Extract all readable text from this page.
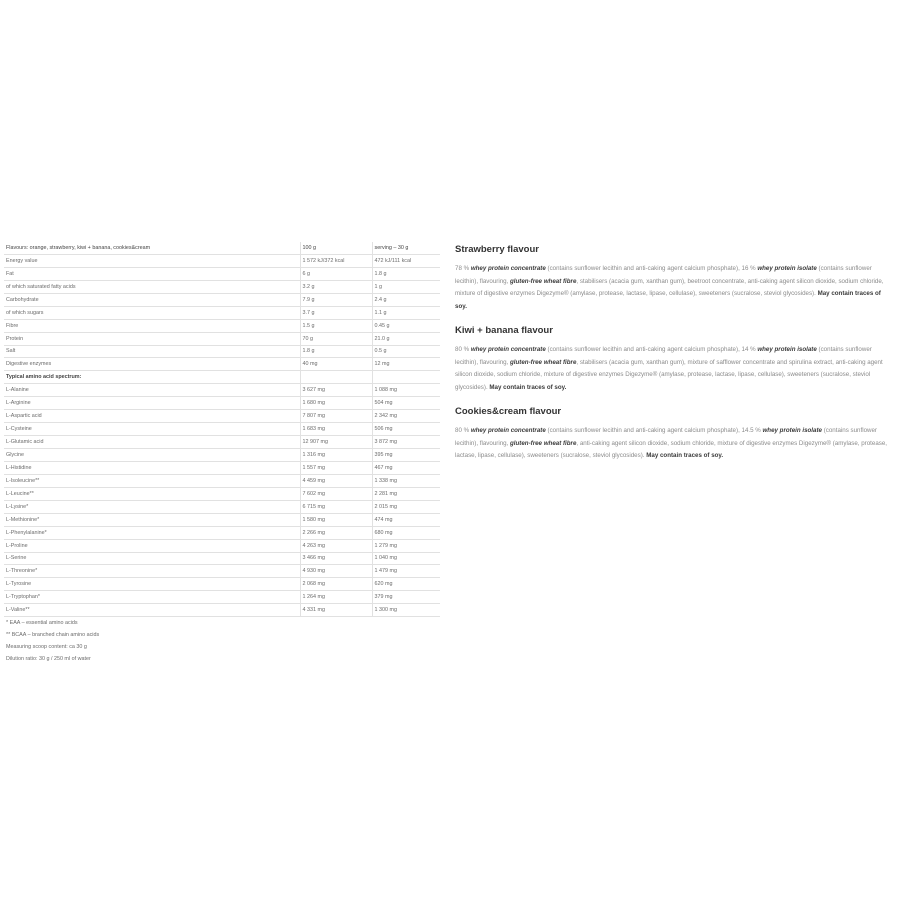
Flavours: orange, strawberry, kiwi + banana, cookies&cream	100 g	serving – 30 g
Energy value	1 572 kJ/372 kcal	472 kJ/111 kcal
Fat	6 g	1.8 g
of which saturated fatty acids	3.2 g	1 g
Carbohydrate	7.9 g	2.4 g
of which sugars	3.7 g	1.1 g
Fibre	1.5 g	0.45 g
Protein	70 g	21.0 g
Salt	1.8 g	0.5 g
Digestive enzymes	40 mg	12 mg
Typical amino acid spectrum:		
L-Alanine	3 627 mg	1 088 mg
L-Arginine	1 680 mg	504 mg
L-Aspartic acid	7 807 mg	2 342 mg
L-Cysteine	1 683 mg	506 mg
L-Glutamic acid	12 907 mg	3 872 mg
Glycine	1 316 mg	395 mg
L-Histidine	1 557 mg	467 mg
L-Isoleucine**	4 459 mg	1 338 mg
L-Leucine**	7 602 mg	2 281 mg
L-Lysine*	6 715 mg	2 015 mg
L-Methionine*	1 580 mg	474 mg
L-Phenylalanine*	2 266 mg	680 mg
L-Proline	4 263 mg	1 279 mg
L-Serine	3 466 mg	1 040 mg
L-Threonine*	4 930 mg	1 479 mg
L-Tyrosine	2 068 mg	620 mg
L-Tryptophan*	1 264 mg	379 mg
L-Valine**	4 331 mg	1 300 mg
* EAA – essential amino acids		
** BCAA – branched chain amino acids		
Measuring scoop content: ca 30 g		
Dilution ratio: 30 g / 250 ml of water		
Strawberry flavour

78 % whey protein concentrate (contains sunflower lecithin and anti-caking agent calcium phosphate), 16 % whey protein isolate (contains sunflower lecithin), flavouring, gluten-free wheat fibre, stabilisers (acacia gum, xanthan gum), beetroot concentrate, anti-caking agent silicon dioxide, sodium chloride, mixture of digestive enzymes Digezyme® (amylase, protease, lactase, lipase, cellulase), sweeteners (sucralose, steviol glycosides). May contain traces of soy.

Kiwi + banana flavour

80 % whey protein concentrate (contains sunflower lecithin and anti-caking agent calcium phosphate), 14 % whey protein isolate (contains sunflower lecithin), flavouring, gluten-free wheat fibre, stabilisers (acacia gum, xanthan gum), mixture of safflower concentrate and spirulina extract, anti-caking agent silicon dioxide, sodium chloride, mixture of digestive enzymes Digezyme® (amylase, protease, lactase, lipase, cellulase), sweeteners (sucralose, steviol glycosides). May contain traces of soy.

Cookies&cream flavour

80 % whey protein concentrate (contains sunflower lecithin and anti-caking agent calcium phosphate), 14.5 % whey protein isolate (contains sunflower lecithin), flavouring, gluten-free wheat fibre, anti-caking agent silicon dioxide, sodium chloride, mixture of digestive enzymes Digezyme® (amylase, protease, lactase, lipase, cellulase), sweeteners (sucralose, steviol glycosides). May contain traces of soy.
